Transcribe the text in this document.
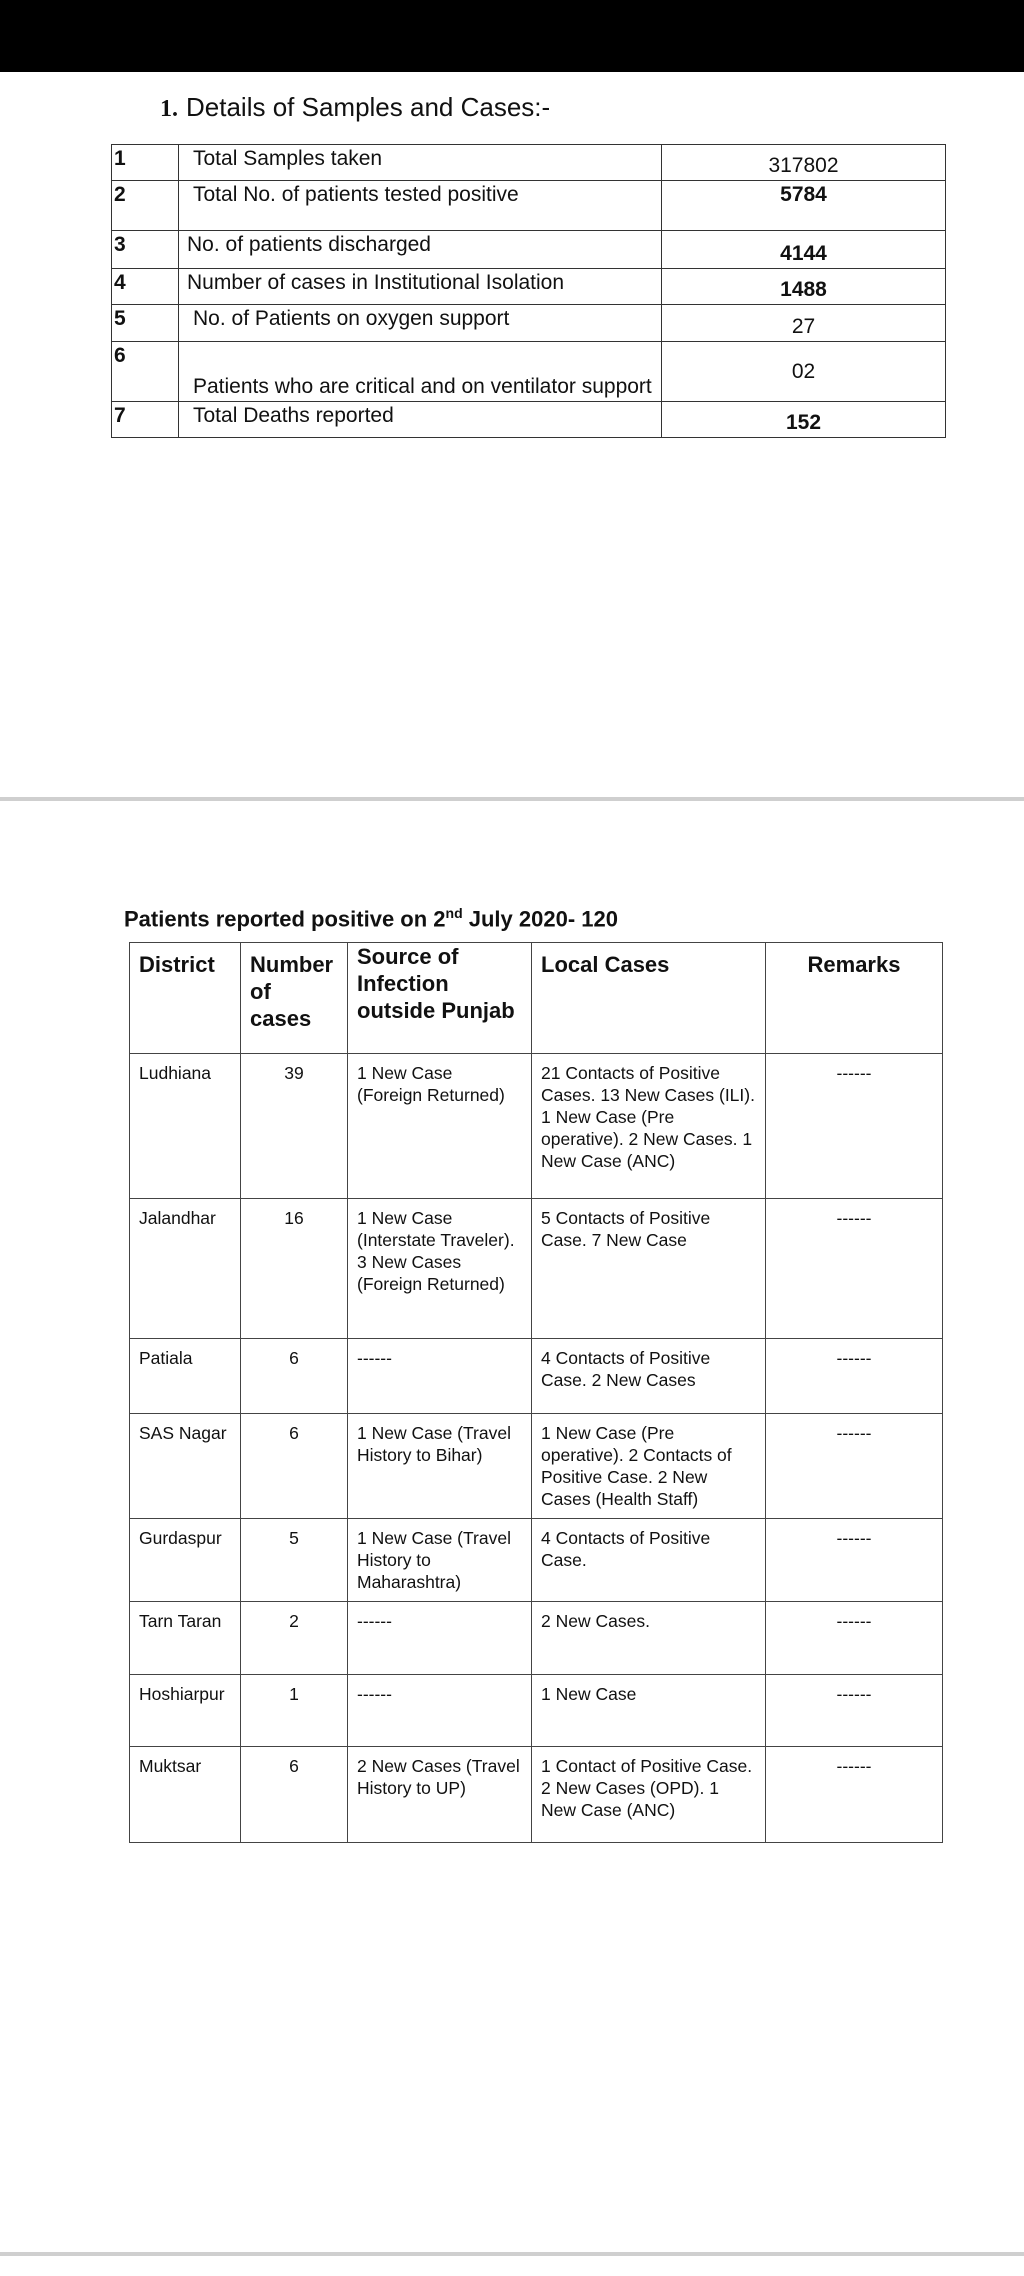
1. Details of Samples and Cases:-
1	Total Samples taken	317802
2	Total No. of patients tested positive	5784
3	No. of patients discharged	4144
4	Number of cases in Institutional Isolation	1488
5	No. of Patients on oxygen support	27
6	Patients who are critical and on ventilator support	02
7	Total Deaths reported	152
Patients reported positive on 2nd July 2020- 120
District	Number of cases	Source of Infection outside Punjab	Local Cases	Remarks
Ludhiana	39	1 New Case (Foreign Returned)	21 Contacts of Positive Cases. 13 New Cases (ILI). 1 New Case (Pre operative). 2 New Cases. 1 New Case (ANC)	------
Jalandhar	16	1 New Case (Interstate Traveler). 3 New Cases (Foreign Returned)	5 Contacts of Positive Case. 7 New Case	------
Patiala	6	------	4 Contacts of Positive Case. 2 New Cases	------
SAS Nagar	6	1 New Case (Travel History to Bihar)	1 New Case (Pre operative). 2 Contacts of Positive Case. 2 New Cases (Health Staff)	------
Gurdaspur	5	1 New Case (Travel History to Maharashtra)	4 Contacts of Positive Case.	------
Tarn Taran	2	------	2 New Cases.	------
Hoshiarpur	1	------	1 New Case	------
Muktsar	6	2 New Cases (Travel History to UP)	1 Contact of Positive Case. 2 New Cases (OPD). 1 New Case (ANC)	------
